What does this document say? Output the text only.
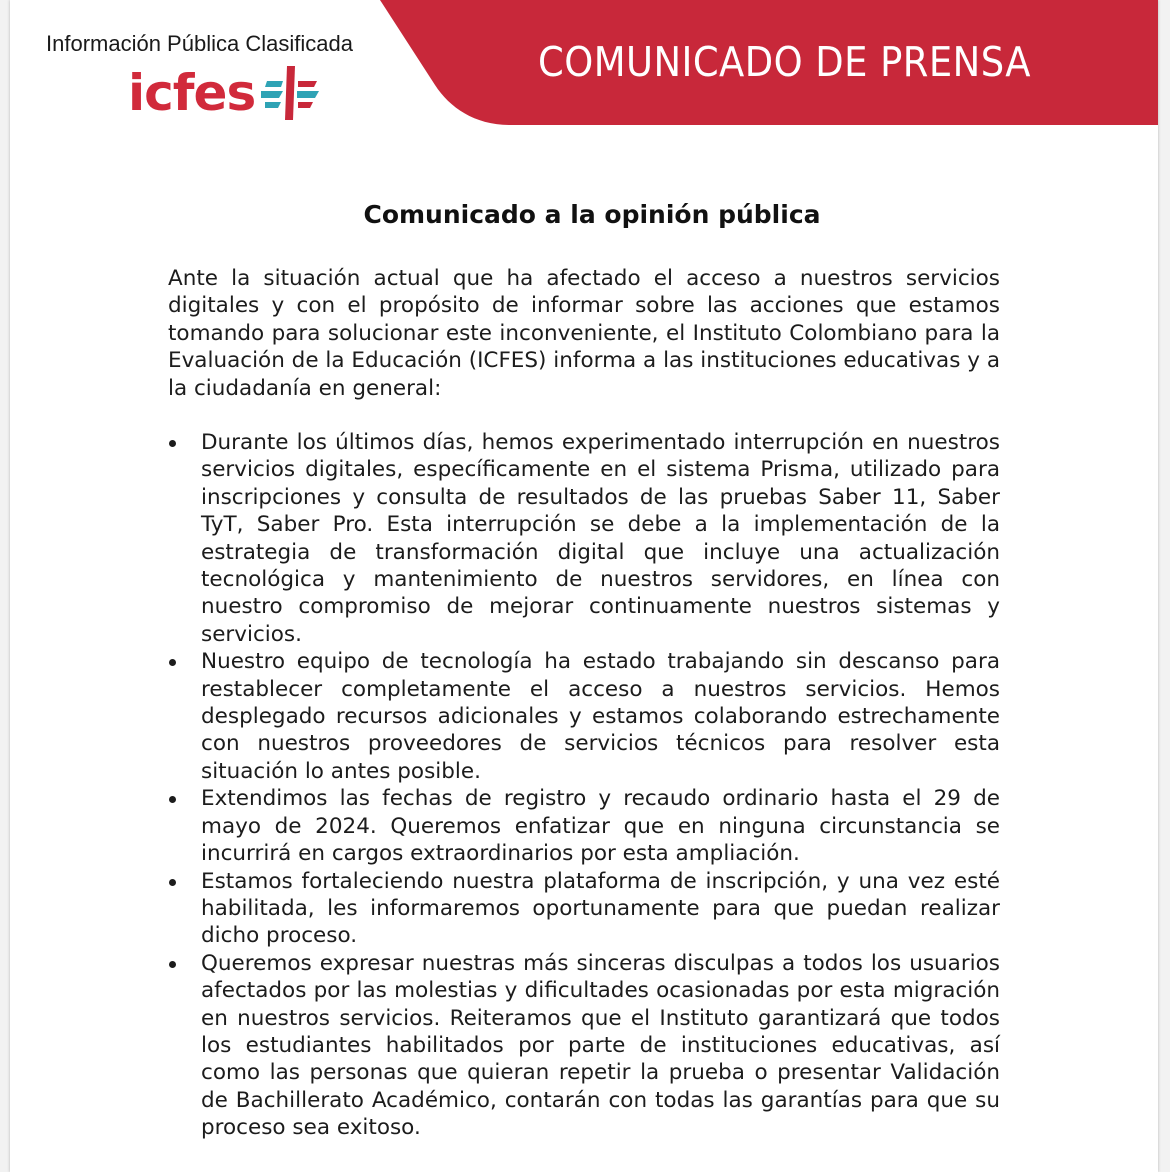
COMUNICADO DE PRENSA
Información Pública Clasificada
icfes
Comunicado a la opinión pública

Ante la situación actual que ha afectado el acceso a nuestros servicios digitales y con el propósito de informar sobre las acciones que estamos tomando para solucionar este inconveniente, el Instituto Colombiano para la Evaluación de la Educación (ICFES) informa a las instituciones educativas y a la ciudadanía en general:

Durante los últimos días, hemos experimentado interrupción en nuestros servicios digitales, específicamente en el sistema Prisma, utilizado para inscripciones y consulta de resultados de las pruebas Saber 11, Saber TyT, Saber Pro. Esta interrupción se debe a la implementación de la estrategia de transformación digital que incluye una actualización tecnológica y mantenimiento de nuestros servidores, en línea con nuestro compromiso de mejorar continuamente nuestros sistemas y servicios.
Nuestro equipo de tecnología ha estado trabajando sin descanso para restablecer completamente el acceso a nuestros servicios. Hemos desplegado recursos adicionales y estamos colaborando estrechamente con nuestros proveedores de servicios técnicos para resolver esta situación lo antes posible.
Extendimos las fechas de registro y recaudo ordinario hasta el 29 de mayo de 2024. Queremos enfatizar que en ninguna circunstancia se incurrirá en cargos extraordinarios por esta ampliación.
Estamos fortaleciendo nuestra plataforma de inscripción, y una vez esté habilitada, les informaremos oportunamente para que puedan realizar dicho proceso.
Queremos expresar nuestras más sinceras disculpas a todos los usuarios afectados por las molestias y dificultades ocasionadas por esta migración en nuestros servicios. Reiteramos que el Instituto garantizará que todos los estudiantes habilitados por parte de instituciones educativas, así como las personas que quieran repetir la prueba o presentar Validación de Bachillerato Académico, contarán con todas las garantías para que su proceso sea exitoso.
